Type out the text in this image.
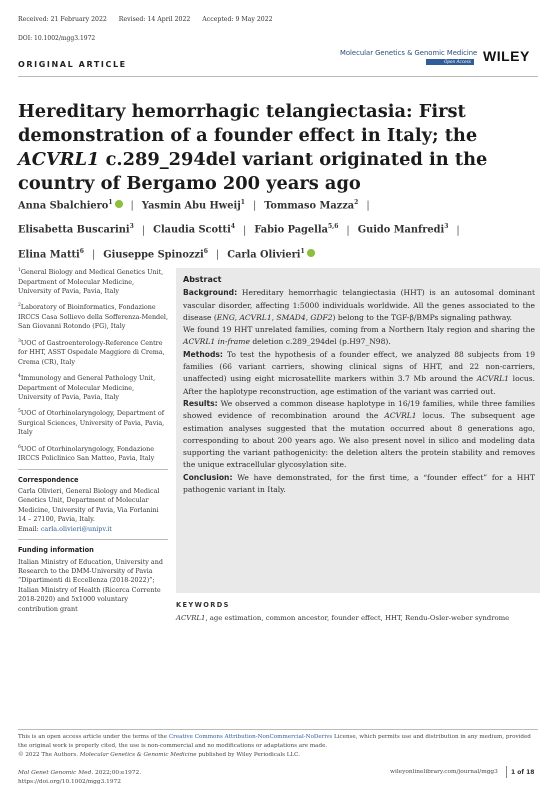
Received: 21 February 2022 Revised: 14 April 2022 Accepted: 9 May 2022
DOI: 10.1002/mgg3.1972
Molecular Genetics & Genomic Medicine
Open Access WILEY
ORIGINAL ARTICLE
Hereditary hemorrhagic telangiectasia: First demonstration of a founder effect in Italy; the ACVRL1 c.289_294del variant originated in the country of Bergamo 200 years ago
Anna Sbalchiero$^1$ | Yasmin Abu Hweij$^1$ | Tommaso Mazza$^2$ |
Elisabetta Buscarini$^3$ | Claudia Scotti$^4$ | Fabio Pagella$^{5,6}$ | Guido Manfredi$^3$ |
Elina Matti$^6$ | Giuseppe Spinozzi$^6$ | Carla Olivieri$^1$

$^1$General Biology and Medical Genetics Unit, Department of Molecular Medicine, University of Pavia, Pavia, Italy

$^2$Laboratory of Bioinformatics, Fondazione IRCCS Casa Sollievo della Sofferenza-Mendel, San Giovanni Rotondo (FG), Italy

$^3$UOC of Gastroenterology-Reference Centre for HHT, ASST Ospedale Maggiore di Crema, Crema (CR), Italy

$^4$Immunology and General Pathology Unit, Department of Molecular Medicine, University of Pavia, Pavia, Italy

$^5$UOC of Otorhinolaryngology, Department of Surgical Sciences, University of Pavia, Pavia, Italy

$^6$UOC of Otorhinolaryngology, Fondazione IRCCS Policlinico San Matteo, Pavia, Italy

Correspondence

Carla Olivieri, General Biology and Medical Genetics Unit, Department of Molecular Medicine, University of Pavia, Via Forlanini 14 – 27100, Pavia, Italy.
Email: carla.olivieri@unipv.it

Funding information

Italian Ministry of Education, University and Research to the DMM-University of Pavia “Dipartimenti di Eccellenza (2018-2022)”; Italian Ministry of Health (Ricerca Corrente 2018-2020) and 5x1000 voluntary contribution grant

Abstract

Background: Hereditary hemorrhagic telangiectasia (HHT) is an autosomal dominant vascular disorder, affecting 1:5000 individuals worldwide. All the genes associated to the disease (ENG, ACVRL1, SMAD4, GDF2) belong to the TGF-β/BMPs signaling pathway.

We found 19 HHT unrelated families, coming from a Northern Italy region and sharing the ACVRL1 in-frame deletion c.289_294del (p.H97_N98).

Methods: To test the hypothesis of a founder effect, we analyzed 88 subjects from 19 families (66 variant carriers, showing clinical signs of HHT, and 22 non-carriers, unaffected) using eight microsatellite markers within 3.7 Mb around the ACVRL1 locus. After the haplotype reconstruction, age estimation of the variant was carried out.

Results: We observed a common disease haplotype in 16/19 families, while three families showed evidence of recombination around the ACVRL1 locus. The subsequent age estimation analyses suggested that the mutation occurred about 8 generations ago, corresponding to about 200 years ago. We also present novel in silico and modeling data supporting the variant pathogenicity: the deletion alters the protein stability and removes the unique extracellular glycosylation site.

Conclusion: We have demonstrated, for the first time, a “founder effect” for a HHT pathogenic variant in Italy.

KEYWORDS
ACVRL1, age estimation, common ancestor, founder effect, HHT, Rendu-Osler-weber syndrome
This is an open access article under the terms of the Creative Commons Attribution-NonCommercial-NoDerivs License, which permits use and distribution in any medium, provided the original work is properly cited, the use is non-commercial and no modifications or adaptations are made.
© 2022 The Authors. Molecular Genetics & Genomic Medicine published by Wiley Periodicals LLC.
Mol Genet Genomic Med. 2022;00:e1972.
https://doi.org/10.1002/mgg3.1972
wileyonlinelibrary.com/journal/mgg3 1 of 18
